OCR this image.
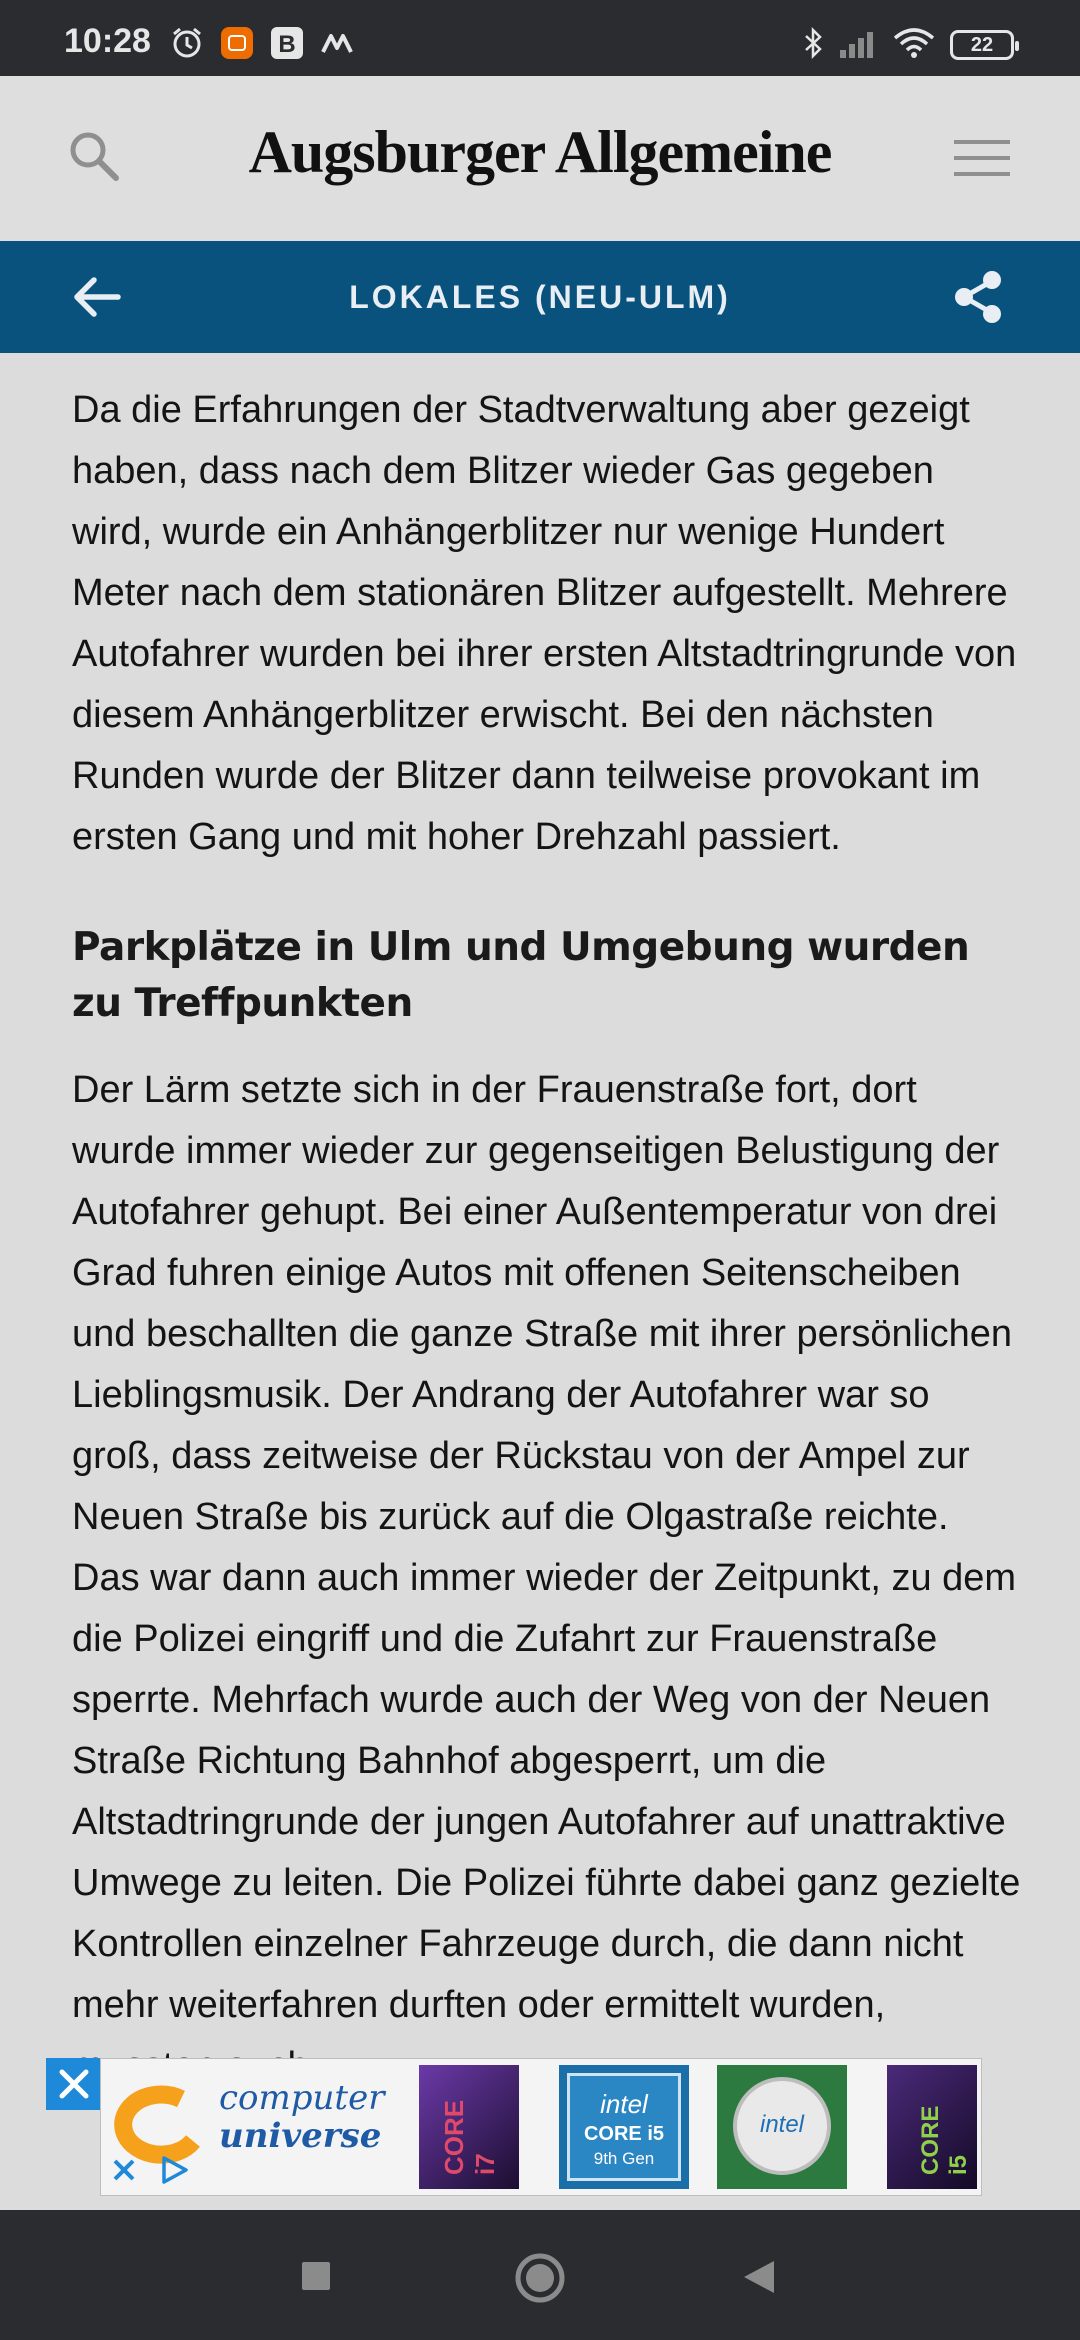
10:28	B	22
Augsburger Allgemeine
LOKALES (NEU-ULM)

Da die Erfahrungen der Stadtverwaltung aber gezeigt haben, dass nach dem Blitzer wieder Gas gegeben wird, wurde ein Anhängerblitzer nur wenige Hundert Meter nach dem stationären Blitzer aufgestellt. Mehrere Autofahrer wurden bei ihrer ersten Altstadtringrunde von diesem Anhängerblitzer erwischt. Bei den nächsten Runden wurde der Blitzer dann teilweise provokant im ersten Gang und mit hoher Drehzahl passiert.

Parkplätze in Ulm und Umgebung wurden zu Treffpunkten

Der Lärm setzte sich in der Frauenstraße fort, dort wurde immer wieder zur gegenseitigen Belustigung der Autofahrer gehupt. Bei einer Außentemperatur von drei Grad fuhren einige Autos mit offenen Seitenscheiben und beschallten die ganze Straße mit ihrer persönlichen Lieblingsmusik. Der Andrang der Autofahrer war so groß, dass zeitweise der Rückstau von der Ampel zur Neuen Straße bis zurück auf die Olgastraße reichte. Das war dann auch immer wieder der Zeitpunkt, zu dem die Polizei eingriff und die Zufahrt zur Frauenstraße sperrte. Mehrfach wurde auch der Weg von der Neuen Straße Richtung Bahnhof abgesperrt, um die Altstadtringrunde der jungen Autofahrer auf unattraktive Umwege zu leiten. Die Polizei führte dabei ganz gezielte Kontrollen einzelner Fahrzeuge durch, die dann nicht mehr weiterfahren durften oder ermittelt wurden,

computer
universe CORE i7
intel
CORE i5
9th Gen
intel	CORE i5
